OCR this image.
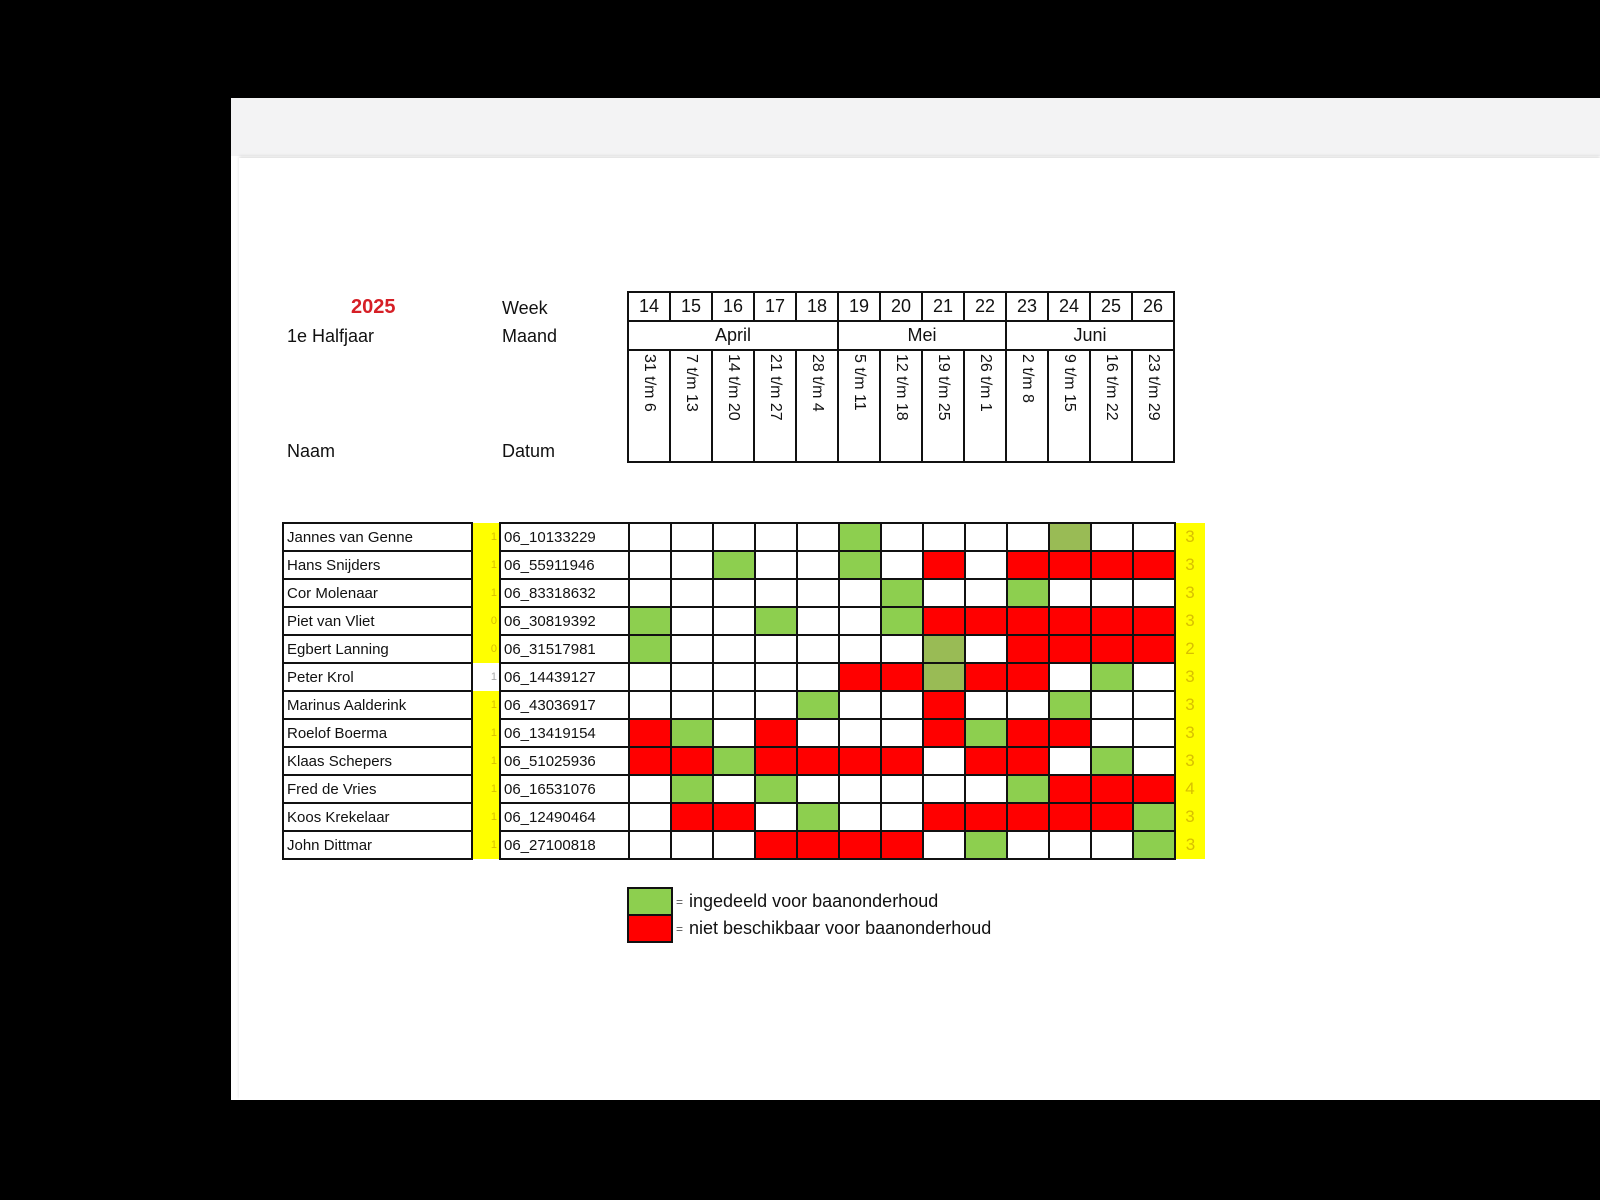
2025
1e Halfjaar
Week
Maand
Naam	Datum
14	15	16	17	18	19	20	21	22	23	24	25	26
April					Mei				Juni			
31 t/m 6	7 t/m 13	14 t/m 20	21 t/m 27	28 t/m 4	5 t/m 11	12 t/m 18	19 t/m 25	26 t/m 1	2 t/m 8	9 t/m 15	16 t/m 22	23 t/m 29
Jannes van Genne	1	06_10133229														3
Hans Snijders	1	06_55911946														3
Cor Molenaar	1	06_83318632														3
Piet van Vliet	0	06_30819392														3
Egbert Lanning	0	06_31517981														2
Peter Krol	1	06_14439127														3
Marinus Aalderink	1	06_43036917														3
Roelof Boerma	1	06_13419154														3
Klaas Schepers	1	06_51025936														3
Fred de Vries	1	06_16531076														4
Koos Krekelaar	1	06_12490464														3
John Dittmar	1	06_27100818														3
= ingedeeld voor baanonderhoud
= niet beschikbaar voor baanonderhoud
